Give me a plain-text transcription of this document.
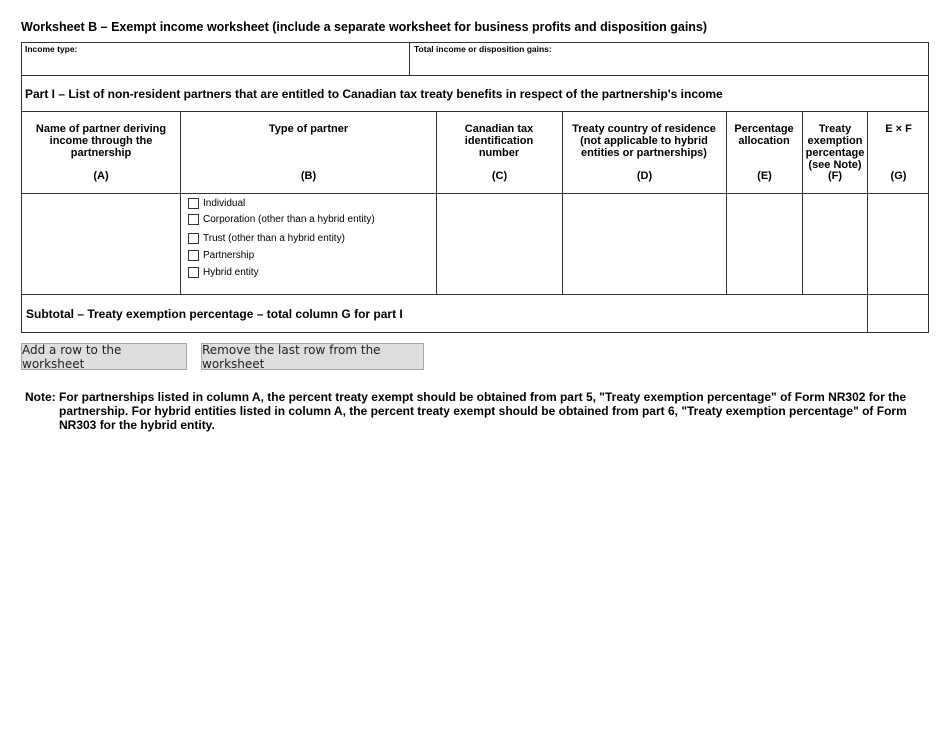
Worksheet B – Exempt income worksheet (include a separate worksheet for business profits and disposition gains)
Income type:	Total income or disposition gains:
Part I – List of non-resident partners that are entitled to Canadian tax treaty benefits in respect of the partnership's income
Name of partner deriving income through the partnership
(A)
Type of partner
(B)
Canadian tax identification number
(C)
Treaty country of residence (not applicable to hybrid entities or partnerships)
(D)
Percentage allocation
(E)
Treaty exemption percentage (see Note)
(F)
E × F
(G)
Individual
Corporation (other than a hybrid entity)
Trust (other than a hybrid entity)
Partnership
Hybrid entity
Subtotal – Treaty exemption percentage – total column G for part I
Add a row to the worksheet
Remove the last row from the worksheet
Note: For partnerships listed in column A, the percent treaty exempt should be obtained from part 5, "Treaty exemption percentage" of Form NR302 for the partnership. For hybrid entities listed in column A, the percent treaty exempt should be obtained from part 6, "Treaty exemption percentage" of Form NR303 for the hybrid entity.
